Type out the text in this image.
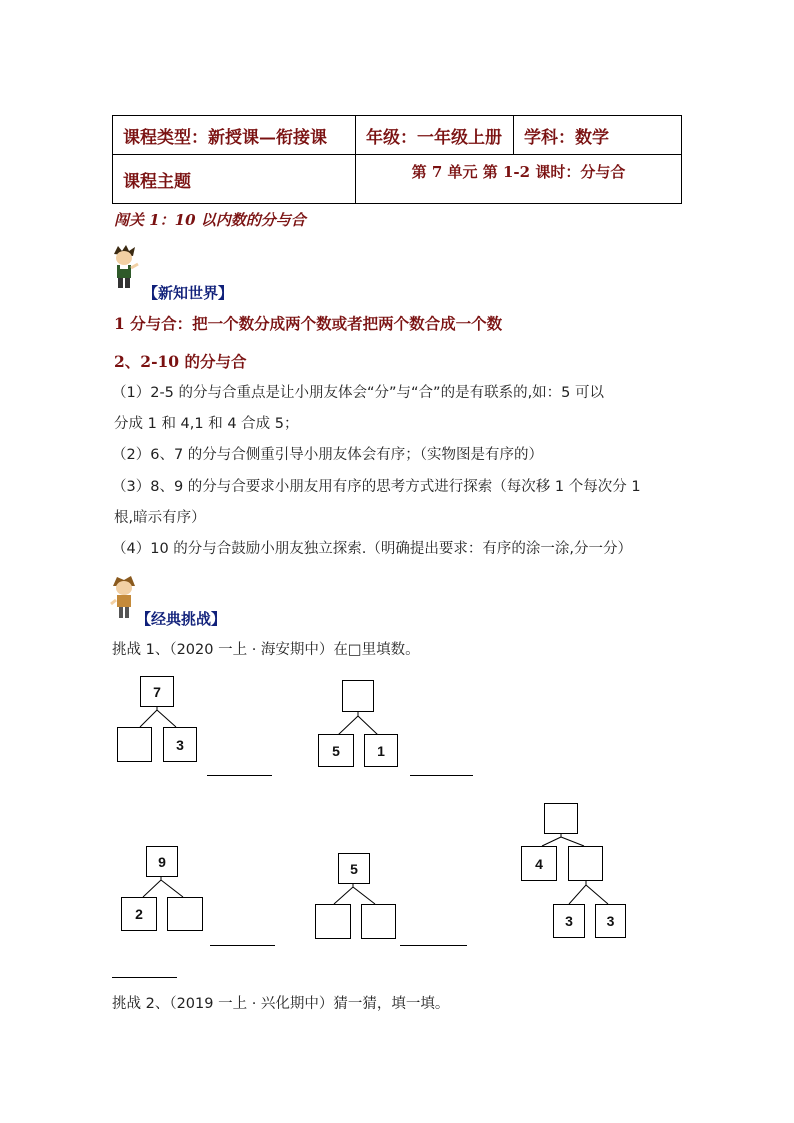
课程类型：新授课—衔接课	年级：一年级上册	学科：数学
课程主题	第 7 单元 第 1-2 课时：分与合	
闯关 1：10 以内数的分与合
【新知世界】
1 分与合：把一个数分成两个数或者把两个数合成一个数
2、2-10 的分与合
（1）2-5 的分与合重点是让小朋友体会“分”与“合”的是有联系的,如：5 可以
分成 1 和 4,1 和 4 合成 5；
（2）6、7 的分与合侧重引导小朋友体会有序；（实物图是有序的）
（3）8、9 的分与合要求小朋友用有序的思考方式进行探索（每次移 1 个每次分 1
根,暗示有序）
（4）10 的分与合鼓励小朋友独立探索.（明确提出要求：有序的涂一涂,分一分）
【经典挑战】
挑战 1、（2020 一上 · 海安期中）在□里填数。
7
3	5	1
9
2
5	4
3	3
挑战 2、（2019 一上 · 兴化期中）猜一猜，填一填。
